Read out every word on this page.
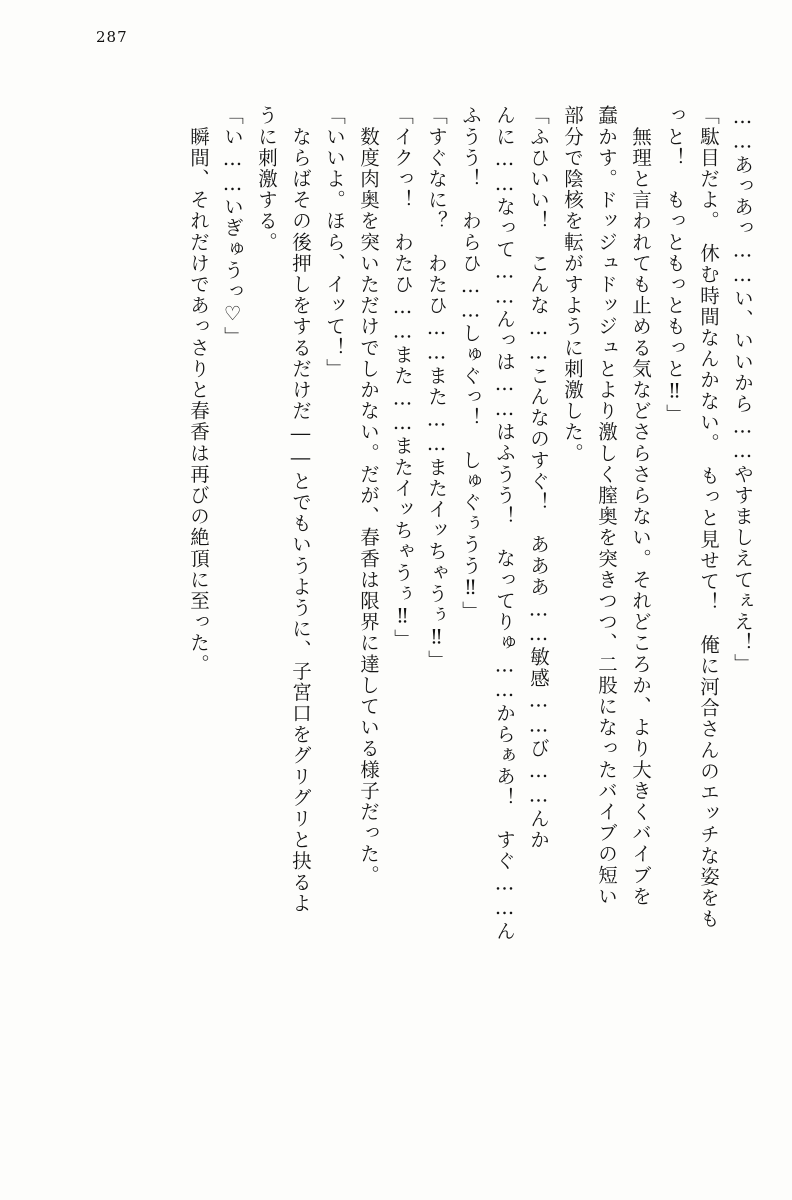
287
……あっあっ……い、いいから……やすましえてぇえ！」
「駄目だよ。　休む時間なんかない。　もっと見せて！　俺に河合さんのエッチな姿をも
っと！　もっともっともっと‼」
　無理と言われても止める気などさらさらない。それどころか、より大きくバイブを
蠢かす。ドッジュドッジュとより激しく膣奥を突きつつ、二股になったバイブの短い
部分で陰核を転がすように刺激した。
「ふひいい！　こんな……こんなのすぐ！　あああ……敏感……び……んか
んに……なって……んっは……はふうう！　なってりゅ……からぁあ！　すぐ……ん
ふうう！　わらひ……しゅぐっ！　しゅぐぅうう‼」
「すぐなに？　わたひ……また……またイッちゃうぅ‼」
「イクっ！　わたひ……また……またイッちゃうぅ‼」
　数度肉奥を突いただけでしかない。だが、春香は限界に達している様子だった。
「いいよ。ほら、イッて！」
　ならばその後押しをするだけだ――とでもいうように、子宮口をグリグリと抉るよ
うに刺激する。
「い……いぎゅうっ♡」
　瞬間、それだけであっさりと春香は再びの絶頂に至った。
